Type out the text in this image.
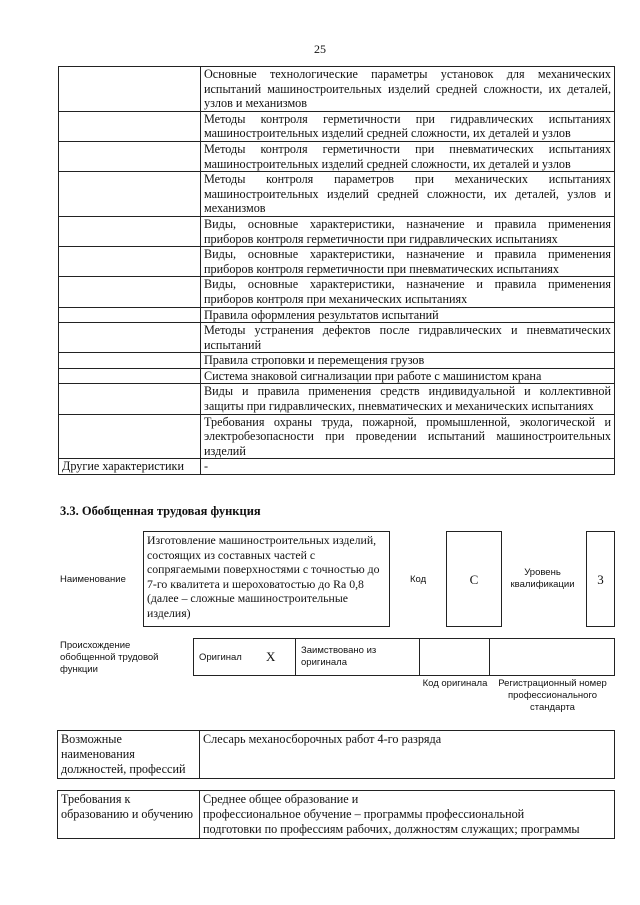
25
	Основные технологические параметры установок для механических испытаний машиностроительных изделий средней сложности, их деталей, узлов и механизмов
	Методы контроля герметичности при гидравлических испытаниях машиностроительных изделий средней сложности, их деталей и узлов
	Методы контроля герметичности при пневматических испытаниях машиностроительных изделий средней сложности, их деталей и узлов
	Методы контроля параметров при механических испытаниях машиностроительных изделий средней сложности, их деталей, узлов и механизмов
	Виды, основные характеристики, назначение и правила применения приборов контроля герметичности при гидравлических испытаниях
	Виды, основные характеристики, назначение и правила применения приборов контроля герметичности при пневматических испытаниях
	Виды, основные характеристики, назначение и правила применения приборов контроля при механических испытаниях
	Правила оформления результатов испытаний
	Методы устранения дефектов после гидравлических и пневматических испытаний
	Правила строповки и перемещения грузов
	Система знаковой сигнализации при работе с машинистом крана
	Виды и правила применения средств индивидуальной и коллективной защиты при гидравлических, пневматических и механических испытаниях
	Требования охраны труда, пожарной, промышленной, экологической и электробезопасности при проведении испытаний машиностроительных изделий
Другие характеристики	-
3.3. Обобщенная трудовая функция
Наименование
Изготовление машиностроительных изделий, состоящих из составных частей с сопрягаемыми поверхностями с точностью до 7-го квалитета и шероховатостью до Ra 0,8 (далее – сложные машиностроительные изделия)
Код	C	Уровень квалификации	3
Происхождение обобщенной трудовой функции
Оригинал X	Заимствовано из оригинала
Код оригинала	Регистрационный номер профессионального стандарта
Возможные наименования должностей, профессий	Слесарь механосборочных работ 4-го разряда
Требования к образованию и обучению	
Среднее общее образование и
профессиональное обучение – программы профессиональной
подготовки по профессиям рабочих, должностям служащих; программы
